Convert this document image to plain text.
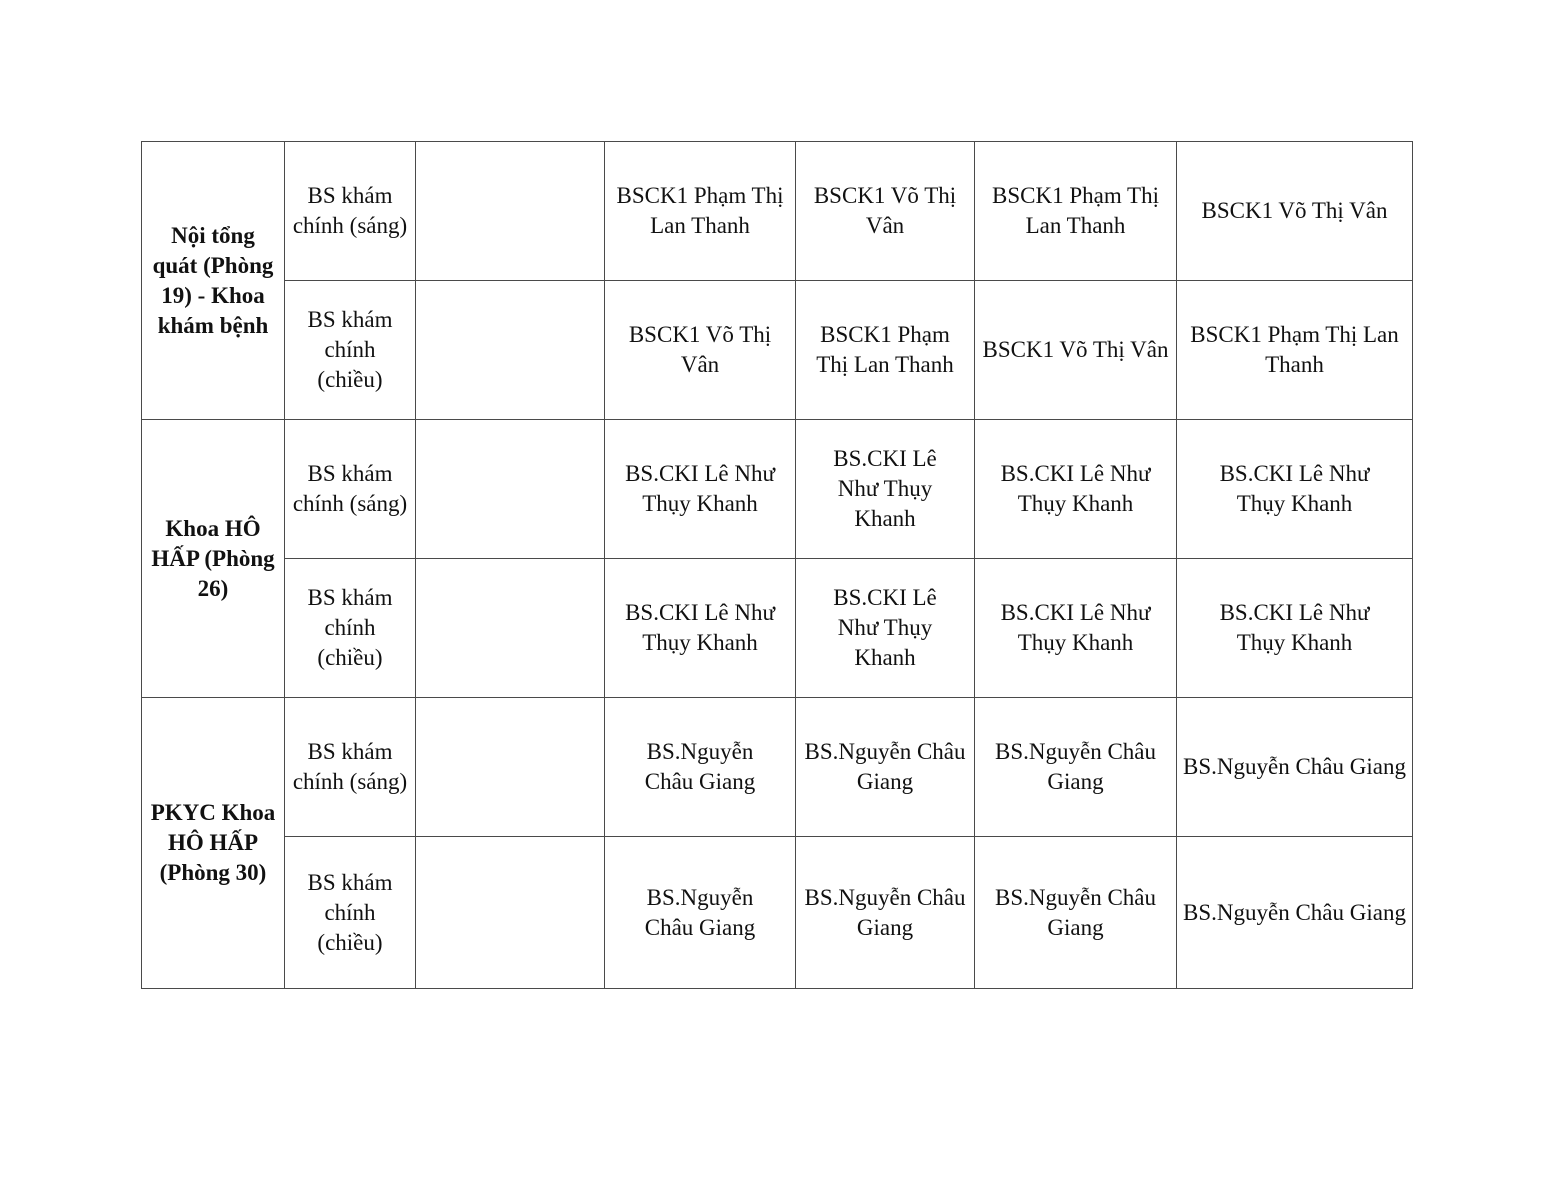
Nội tổng quát (Phòng 19) - Khoa khám bệnh	BS khám chính (sáng)		BSCK1 Phạm Thị Lan Thanh	BSCK1 Võ Thị Vân	BSCK1 Phạm Thị Lan Thanh	BSCK1 Võ Thị Vân

	BS khám chính (chiều)		BSCK1 Võ Thị Vân	BSCK1 Phạm Thị Lan Thanh	BSCK1 Võ Thị Vân	BSCK1 Phạm Thị Lan Thanh

Khoa HÔ HẤP (Phòng 26)	BS khám chính (sáng)		BS.CKI Lê Như Thụy Khanh	BS.CKI Lê Như Thụy Khanh	BS.CKI Lê Như Thụy Khanh	BS.CKI Lê Như Thụy Khanh

	BS khám chính (chiều)		BS.CKI Lê Như Thụy Khanh	BS.CKI Lê Như Thụy Khanh	BS.CKI Lê Như Thụy Khanh	BS.CKI Lê Như Thụy Khanh

PKYC Khoa HÔ HẤP (Phòng 30)	BS khám chính (sáng)		BS.Nguyễn Châu Giang	BS.Nguyễn Châu Giang	BS.Nguyễn Châu Giang	BS.Nguyễn Châu Giang

	BS khám chính (chiều)		BS.Nguyễn Châu Giang	BS.Nguyễn Châu Giang	BS.Nguyễn Châu Giang	BS.Nguyễn Châu Giang
